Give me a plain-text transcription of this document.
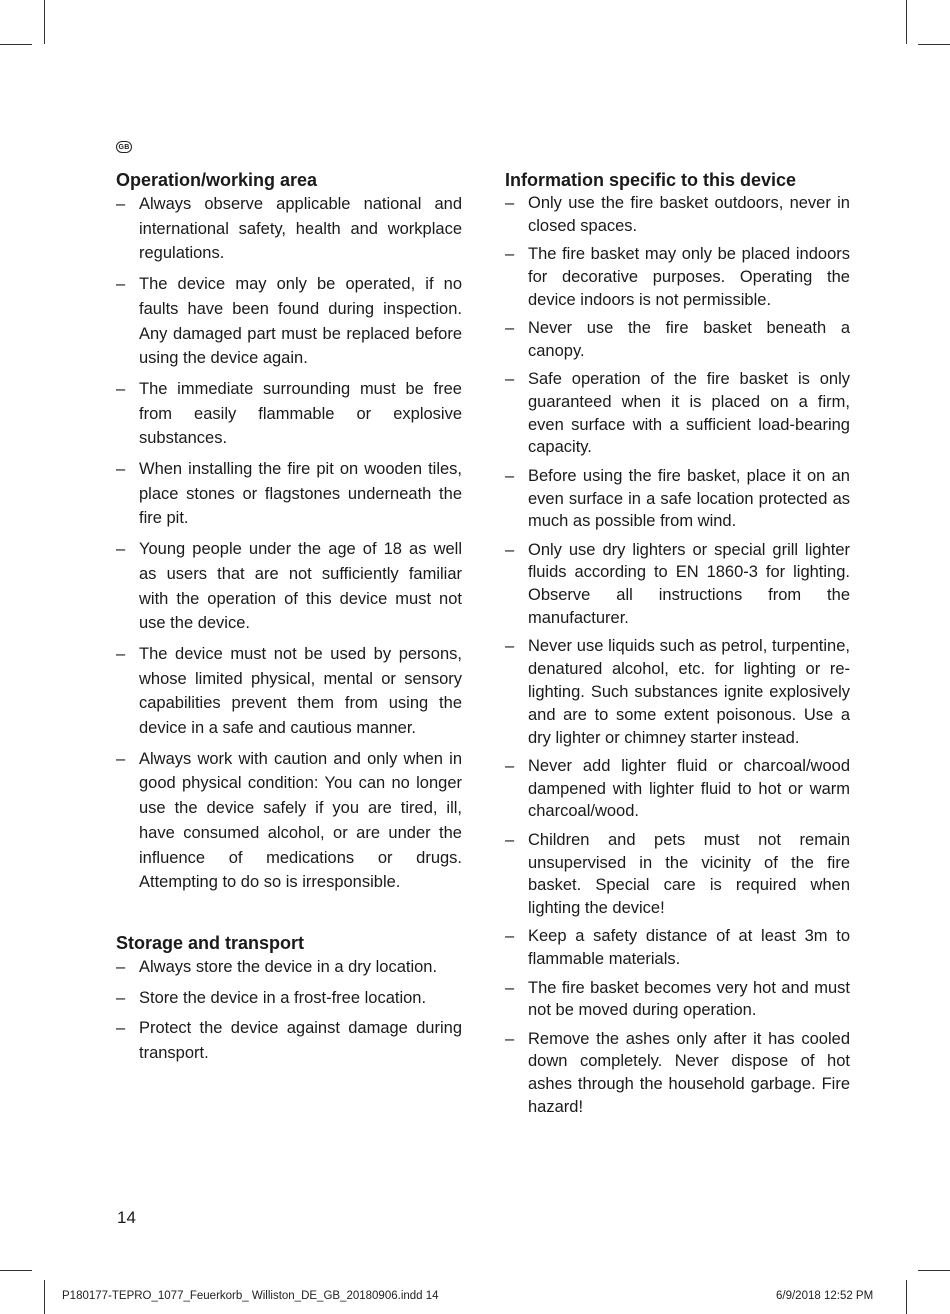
GB
Operation/working area
– Always observe applicable national and international safety, health and workplace regulations.
– The device may only be operated, if no faults have been found during inspection. Any damaged part must be replaced before using the device again.
– The immediate surrounding must be free from easily flammable or explosive substances.
– When installing the fire pit on wooden tiles, place stones or flagstones underneath the fire pit.
– Young people under the age of 18 as well as users that are not sufficiently familiar with the operation of this device must not use the device.
– The device must not be used by persons, whose limited physical, mental or sensory capabilities prevent them from using the device in a safe and cautious manner.
– Always work with caution and only when in good physical condition: You can no longer use the device safely if you are tired, ill, have consumed alcohol, or are under the influence of medications or drugs. Attempting to do so is irresponsible.
Storage and transport
– Always store the device in a dry location.
– Store the device in a frost-free location.
– Protect the device against damage during transport.
Information specific to this device
– Only use the fire basket outdoors, never in closed spaces.
– The fire basket may only be placed indoors for decorative purposes. Operating the device indoors is not permissible.
– Never use the fire basket beneath a canopy.
– Safe operation of the fire basket is only guaranteed when it is placed on a firm, even surface with a sufficient load-bearing capacity.
– Before using the fire basket, place it on an even surface in a safe location protected as much as possible from wind.
– Only use dry lighters or special grill lighter fluids according to EN 1860-3 for lighting. Observe all instructions from the manufacturer.
– Never use liquids such as petrol, turpentine, denatured alcohol, etc. for lighting or re-lighting. Such substances ignite explosively and are to some extent poisonous. Use a dry lighter or chimney starter instead.
– Never add lighter fluid or charcoal/wood dampened with lighter fluid to hot or warm charcoal/wood.
– Children and pets must not remain unsupervised in the vicinity of the fire basket. Special care is required when lighting the device!
– Keep a safety distance of at least 3m to flammable materials.
– The fire basket becomes very hot and must not be moved during operation.
– Remove the ashes only after it has cooled down completely. Never dispose of hot ashes through the household garbage. Fire hazard!
14
P180177-TEPRO_1077_Feuerkorb_ Williston_DE_GB_20180906.indd 14	6/9/2018 12:52 PM
